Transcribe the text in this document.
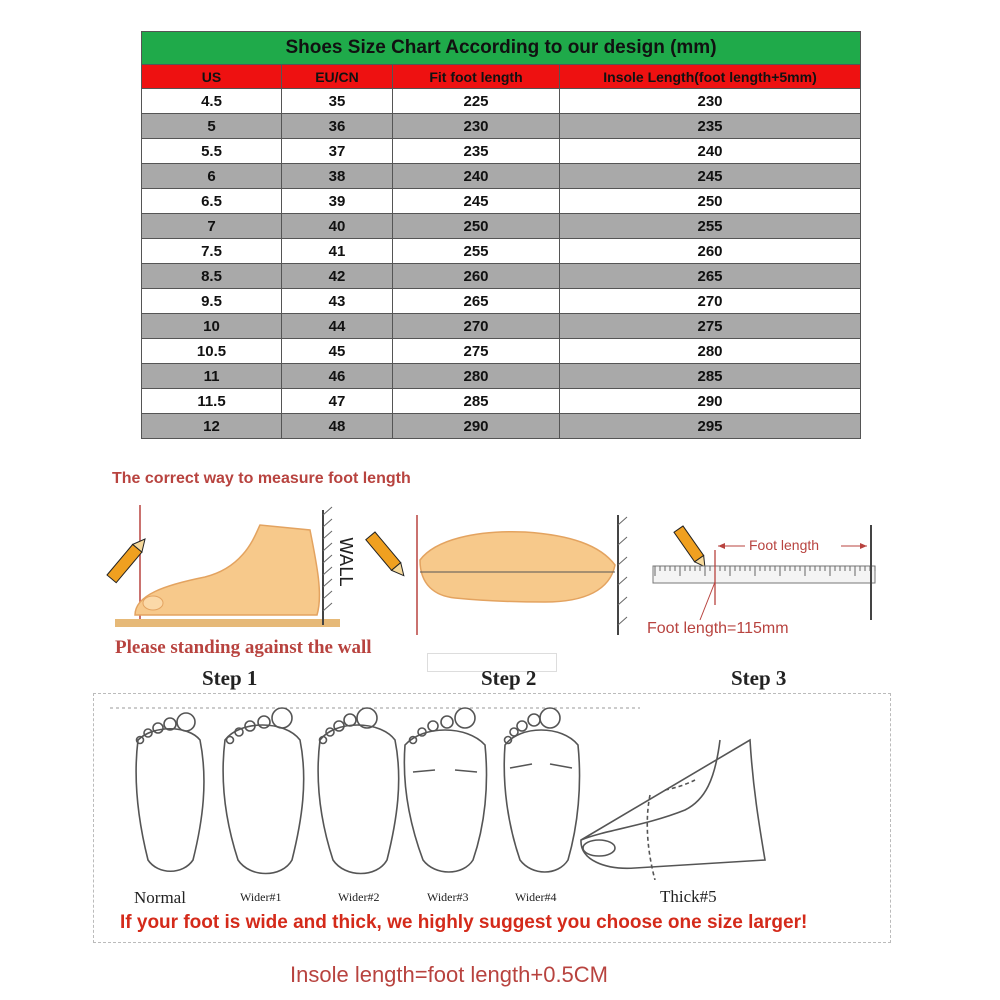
Shoes Size Chart According to our design (mm)			
US	EU/CN	Fit foot length	Insole Length(foot length+5mm)
4.5	35	225	230
5	36	230	235
5.5	37	235	240
6	38	240	245
6.5	39	245	250
7	40	250	255
7.5	41	255	260
8.5	42	260	265
9.5	43	265	270
10	44	270	275
10.5	45	275	280
11	46	280	285
11.5	47	285	290
12	48	290	295
The correct way to measure foot length
WALL
Please standing against the wall
Foot length
Foot length=115mm
Step 1	Step 2	Step 3
Normal	Wider#1	Wider#2	Wider#3	Wider#4	Thick#5
If your foot is wide and thick, we highly suggest you choose one size larger!
Insole length=foot length+0.5CM
